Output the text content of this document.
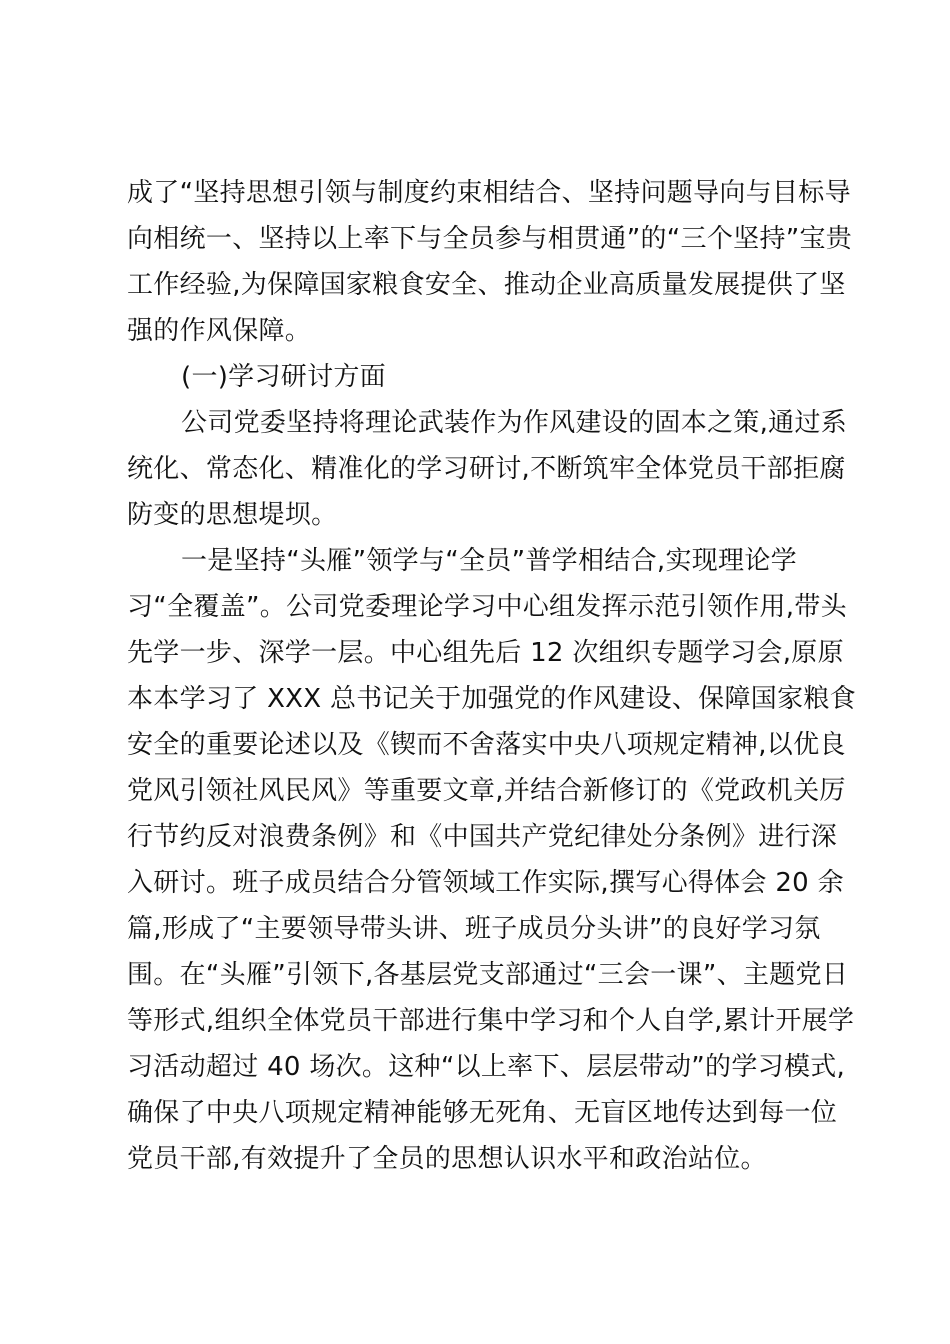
成了“坚持思想引领与制度约束相结合、坚持问题导向与目标导
向相统一、坚持以上率下与全员参与相贯通”的“三个坚持”宝贵
工作经验,为保障国家粮食安全、推动企业高质量发展提供了坚
强的作风保障。
(一)学习研讨方面
公司党委坚持将理论武装作为作风建设的固本之策,通过系
统化、常态化、精准化的学习研讨,不断筑牢全体党员干部拒腐
防变的思想堤坝。
一是坚持“头雁”领学与“全员”普学相结合,实现理论学
习“全覆盖”。公司党委理论学习中心组发挥示范引领作用,带头
先学一步、深学一层。中心组先后 12 次组织专题学习会,原原
本本学习了 XXX 总书记关于加强党的作风建设、保障国家粮食
安全的重要论述以及《锲而不舍落实中央八项规定精神,以优良
党风引领社风民风》等重要文章,并结合新修订的《党政机关厉
行节约反对浪费条例》和《中国共产党纪律处分条例》进行深
入研讨。班子成员结合分管领域工作实际,撰写心得体会 20 余
篇,形成了“主要领导带头讲、班子成员分头讲”的良好学习氛
围。在“头雁”引领下,各基层党支部通过“三会一课”、主题党日
等形式,组织全体党员干部进行集中学习和个人自学,累计开展学
习活动超过 40 场次。这种“以上率下、层层带动”的学习模式,
确保了中央八项规定精神能够无死角、无盲区地传达到每一位
党员干部,有效提升了全员的思想认识水平和政治站位。
